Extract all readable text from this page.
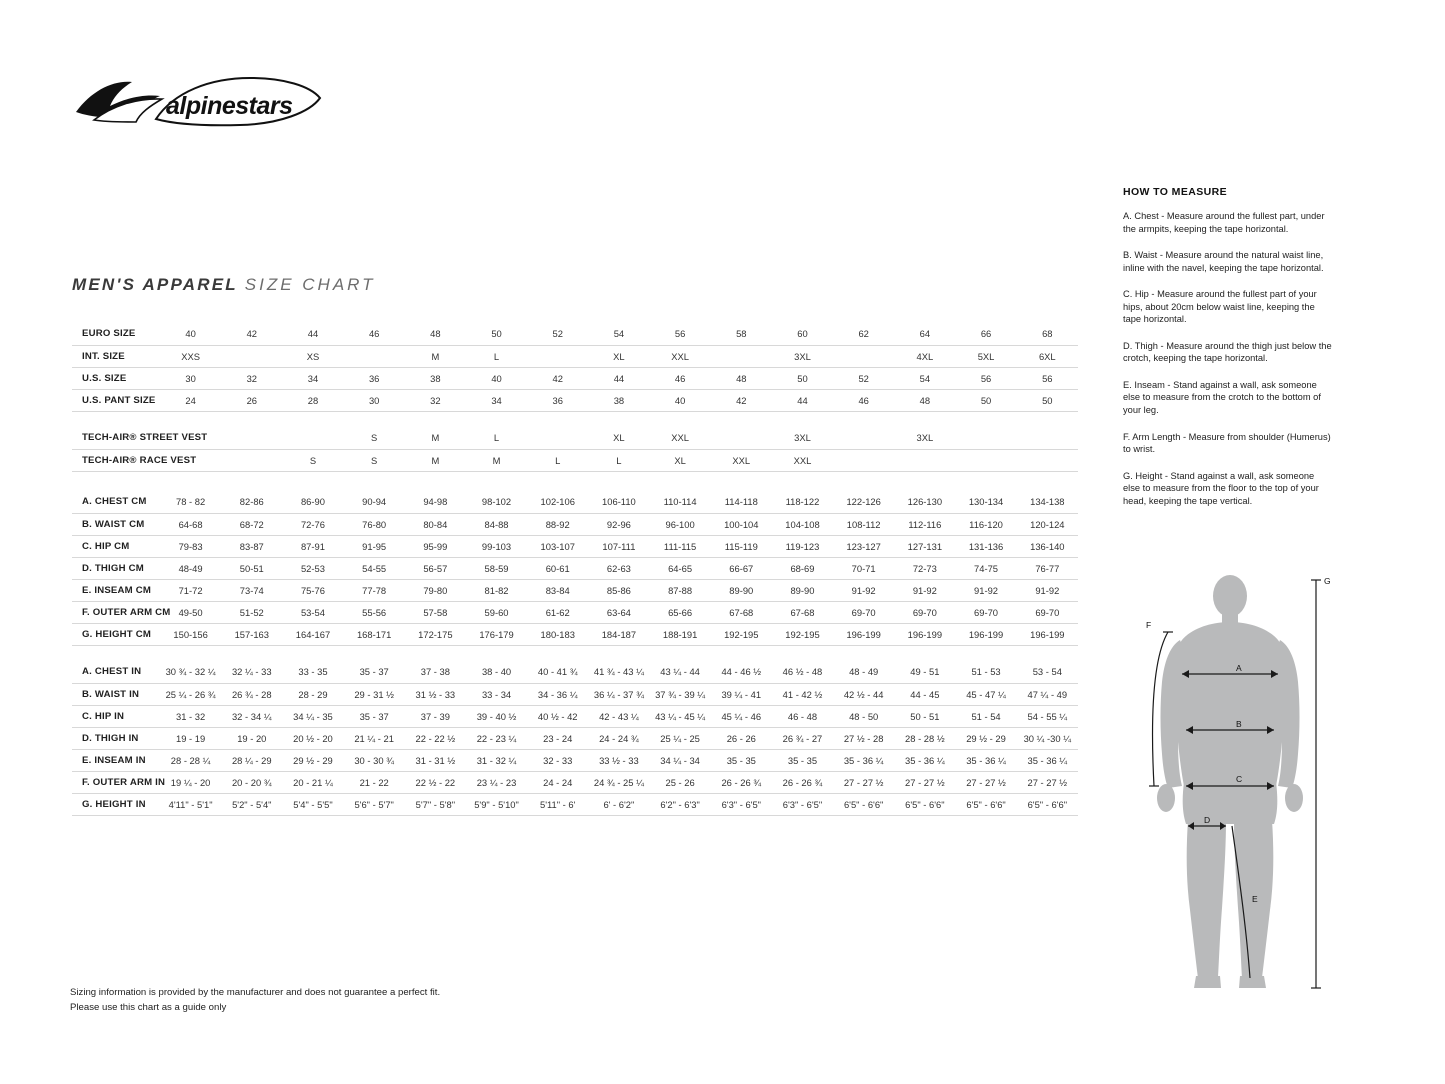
alpinestars
MEN'S APPAREL SIZE CHART
EURO SIZE	40	42	44	46	48	50	52	54	56	58	60	62	64	66	68
INT. SIZE	XXS		XS		M	L		XL	XXL		3XL		4XL	5XL	6XL
U.S. SIZE	30	32	34	36	38	40	42	44	46	48	50	52	54	56	56
U.S. PANT SIZE	24	26	28	30	32	34	36	38	40	42	44	46	48	50	50

TECH-AIR® STREET VEST				S	M	L		XL	XXL		3XL		3XL		
TECH-AIR® RACE VEST			S	S	M	M	L	L	XL	XXL	XXL				

A. CHEST CM	78 - 82	82-86	86-90	90-94	94-98	98-102	102-106	106-110	110-114	114-118	118-122	122-126	126-130	130-134	134-138
B. WAIST CM	64-68	68-72	72-76	76-80	80-84	84-88	88-92	92-96	96-100	100-104	104-108	108-112	112-116	116-120	120-124
C. HIP CM	79-83	83-87	87-91	91-95	95-99	99-103	103-107	107-111	111-115	115-119	119-123	123-127	127-131	131-136	136-140
D. THIGH CM	48-49	50-51	52-53	54-55	56-57	58-59	60-61	62-63	64-65	66-67	68-69	70-71	72-73	74-75	76-77
E. INSEAM CM	71-72	73-74	75-76	77-78	79-80	81-82	83-84	85-86	87-88	89-90	89-90	91-92	91-92	91-92	91-92
F. OUTER ARM CM	49-50	51-52	53-54	55-56	57-58	59-60	61-62	63-64	65-66	67-68	67-68	69-70	69-70	69-70	69-70
G. HEIGHT CM	150-156	157-163	164-167	168-171	172-175	176-179	180-183	184-187	188-191	192-195	192-195	196-199	196-199	196-199	196-199

A. CHEST IN	30 ¾ - 32 ¼	32 ¼ - 33	33 - 35	35 - 37	37 - 38	38 - 40	40 - 41 ¾	41 ¾ - 43 ¼	43 ¼ - 44	44 - 46 ½	46 ½ - 48	48 - 49	49 - 51	51 - 53	53 - 54
B. WAIST IN	25 ¼ - 26 ¾	26 ¾ - 28	28 - 29	29 - 31 ½	31 ½ - 33	33 - 34	34 - 36 ¼	36 ¼ - 37 ¾	37 ¾ - 39 ¼	39 ¼ - 41	41 - 42 ½	42 ½ - 44	44 - 45	45 - 47 ¼	47 ¼ - 49
C. HIP IN	31 - 32	32 - 34 ¼	34 ¼ - 35	35 - 37	37 - 39	39 - 40 ½	40 ½ - 42	42 - 43 ¼	43 ¼ - 45 ¼	45 ¼ - 46	46 - 48	48 - 50	50 - 51	51 - 54	54 - 55 ¼
D. THIGH IN	19 - 19	19 - 20	20 ½ - 20	21 ¼ - 21	22 - 22 ½	22 - 23 ¼	23 - 24	24 - 24 ¾	25 ¼ - 25	26 - 26	26 ¾ - 27	27 ½ - 28	28 - 28 ½	29 ½ - 29	30 ¼ -30 ¼
E. INSEAM IN	28 - 28 ¼	28 ¼ - 29	29 ½ - 29	30 - 30 ¾	31 - 31 ½	31 - 32 ¼	32 - 33	33 ½ - 33	34 ¼ - 34	35 - 35	35 - 35	35 - 36 ¼	35 - 36 ¼	35 - 36 ¼	35 - 36 ¼
F. OUTER ARM IN	19 ¼ - 20	20 - 20 ¾	20 - 21 ¼	21 - 22	22 ½ - 22	23 ¼ - 23	24 - 24	24 ¾ - 25 ¼	25 - 26	26 - 26 ¾	26 - 26 ¾	27 - 27 ½	27 - 27 ½	27 - 27 ½	27 - 27 ½
G. HEIGHT IN	4'11" - 5'1"	5'2" - 5'4"	5'4" - 5'5"	5'6" - 5'7"	5'7" - 5'8"	5'9" - 5'10"	5'11" - 6'	6' - 6'2"	6'2" - 6'3"	6'3" - 6'5"	6'3" - 6'5"	6'5" - 6'6"	6'5" - 6'6"	6'5" - 6'6"	6'5" - 6'6"
HOW TO MEASURE

A. Chest - Measure around the fullest part, under the armpits, keeping the tape horizontal.

B. Waist - Measure around the natural waist line, inline with the navel, keeping the tape horizontal.

C. Hip - Measure around the fullest part of your hips, about 20cm below waist line, keeping the tape horizontal.

D. Thigh - Measure around the thigh just below the crotch, keeping the tape horizontal.

E. Inseam - Stand against a wall, ask someone else to measure from the crotch to the bottom of your leg.

F. Arm Length - Measure from shoulder (Humerus) to wrist.

G. Height - Stand against a wall, ask someone else to measure from the floor to the top of your head, keeping the tape vertical.

A
B
C
D
E
F
G
Sizing information is provided by the manufacturer and does not guarantee a perfect fit.
Please use this chart as a guide only
